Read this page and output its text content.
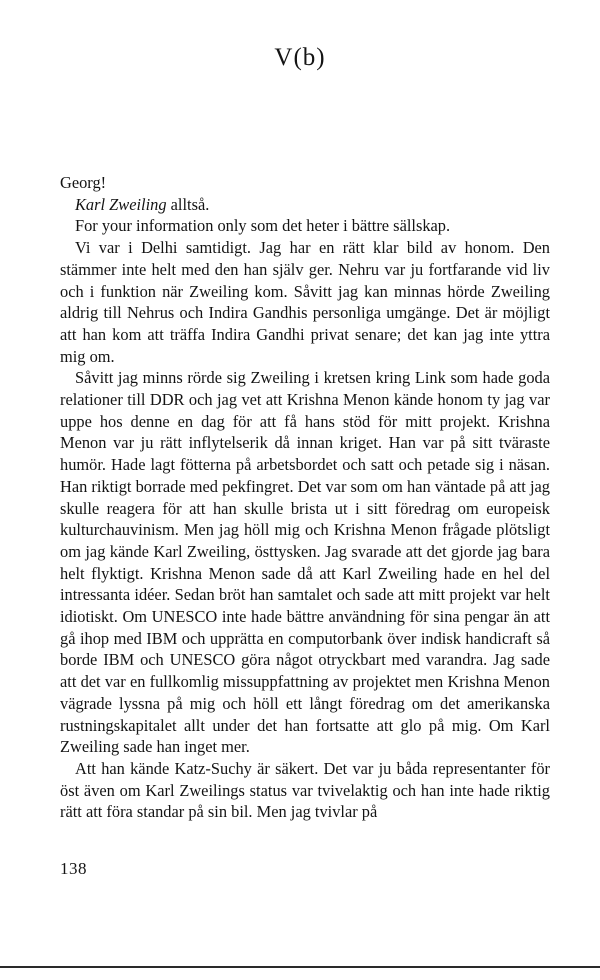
V(b)

Georg!

Karl Zweiling alltså.

For your information only som det heter i bättre sällskap.

Vi var i Delhi samtidigt. Jag har en rätt klar bild av honom. Den stämmer inte helt med den han själv ger. Nehru var ju fortfarande vid liv och i funktion när Zweiling kom. Såvitt jag kan minnas hörde Zweiling aldrig till Nehrus och Indira Gandhis personliga umgänge. Det är möjligt att han kom att träffa Indira Gandhi privat senare; det kan jag inte yttra mig om.

Såvitt jag minns rörde sig Zweiling i kretsen kring Link som hade goda relationer till DDR och jag vet att Krishna Menon kände honom ty jag var uppe hos denne en dag för att få hans stöd för mitt projekt. Krishna Menon var ju rätt inflytelserik då innan kriget. Han var på sitt tväraste humör. Hade lagt fötterna på arbetsbordet och satt och petade sig i näsan. Han riktigt borrade med pekfingret. Det var som om han väntade på att jag skulle reagera för att han skulle brista ut i sitt föredrag om europeisk kulturchauvinism. Men jag höll mig och Krishna Menon frågade plötsligt om jag kände Karl Zweiling, östtysken. Jag svarade att det gjorde jag bara helt flyktigt. Krishna Menon sade då att Karl Zweiling hade en hel del intressanta idéer. Sedan bröt han samtalet och sade att mitt projekt var helt idiotiskt. Om UNESCO inte hade bättre användning för sina pengar än att gå ihop med IBM och upprätta en computorbank över indisk handicraft så borde IBM och UNESCO göra något otryckbart med varandra. Jag sade att det var en fullkomlig missuppfattning av projektet men Krishna Menon vägrade lyssna på mig och höll ett långt föredrag om det amerikanska rustningskapitalet allt under det han fortsatte att glo på mig. Om Karl Zweiling sade han inget mer.

Att han kände Katz-Suchy är säkert. Det var ju båda representanter för öst även om Karl Zweilings status var tvivelaktig och han inte hade riktig rätt att föra standar på sin bil. Men jag tvivlar på

138
